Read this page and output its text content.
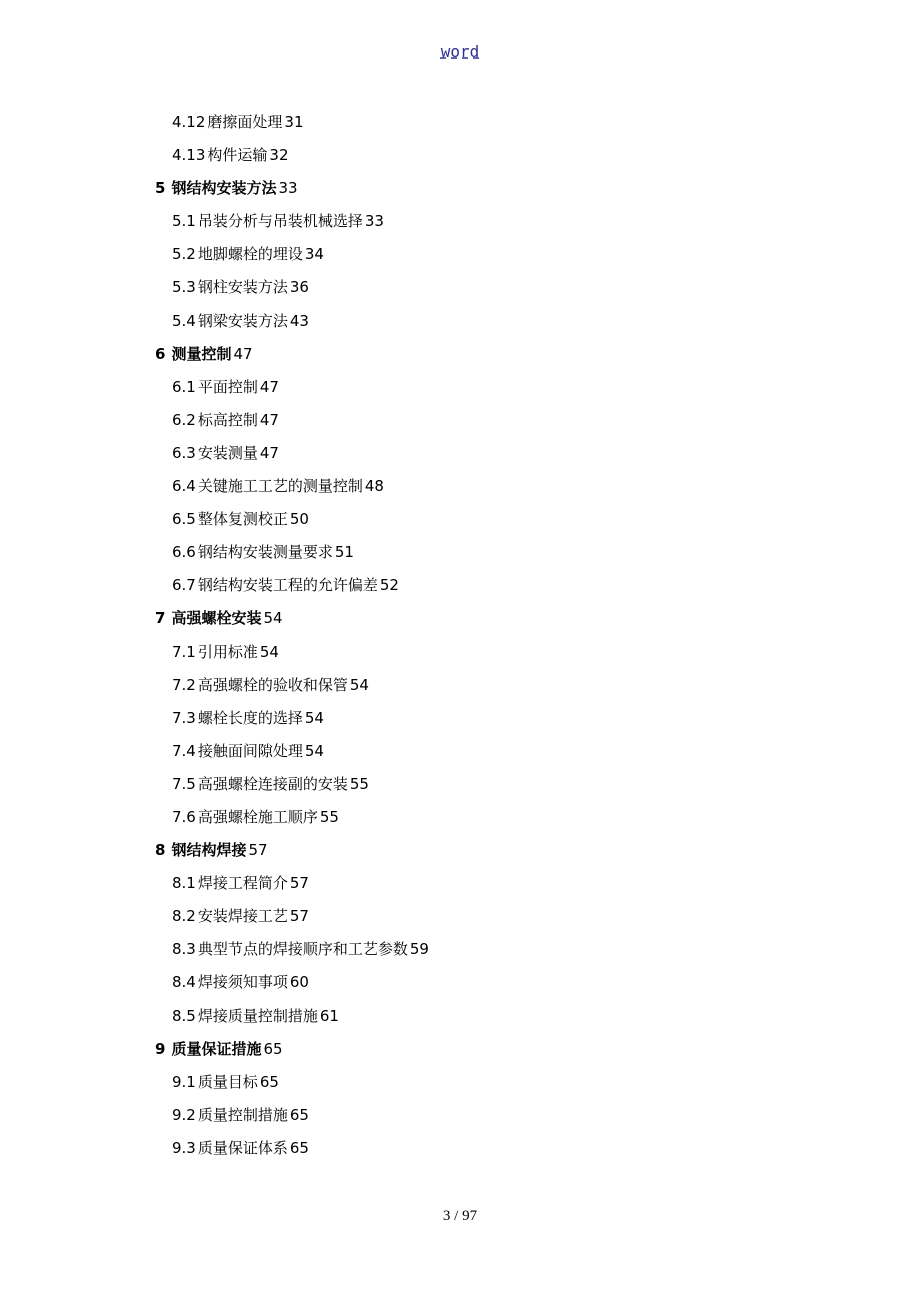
word
4.12 磨擦面处理 31
4.13 构件运输 32
5 钢结构安装方法 33
5.1 吊装分析与吊装机械选择 33
5.2 地脚螺栓的埋设 34
5.3 钢柱安装方法 36
5.4 钢梁安装方法 43
6 测量控制 47
6.1 平面控制 47
6.2 标高控制 47
6.3 安装测量 47
6.4 关键施工工艺的测量控制 48
6.5 整体复测校正 50
6.6 钢结构安装测量要求 51
6.7 钢结构安装工程的允许偏差 52
7 高强螺栓安装 54
7.1 引用标准 54
7.2 高强螺栓的验收和保管 54
7.3 螺栓长度的选择 54
7.4 接触面间隙处理 54
7.5 高强螺栓连接副的安装 55
7.6 高强螺栓施工顺序 55
8 钢结构焊接 57
8.1 焊接工程简介 57
8.2 安装焊接工艺 57
8.3 典型节点的焊接顺序和工艺参数 59
8.4 焊接须知事项 60
8.5 焊接质量控制措施 61
9 质量保证措施 65
9.1 质量目标 65
9.2 质量控制措施 65
9.3 质量保证体系 65
3 / 97
